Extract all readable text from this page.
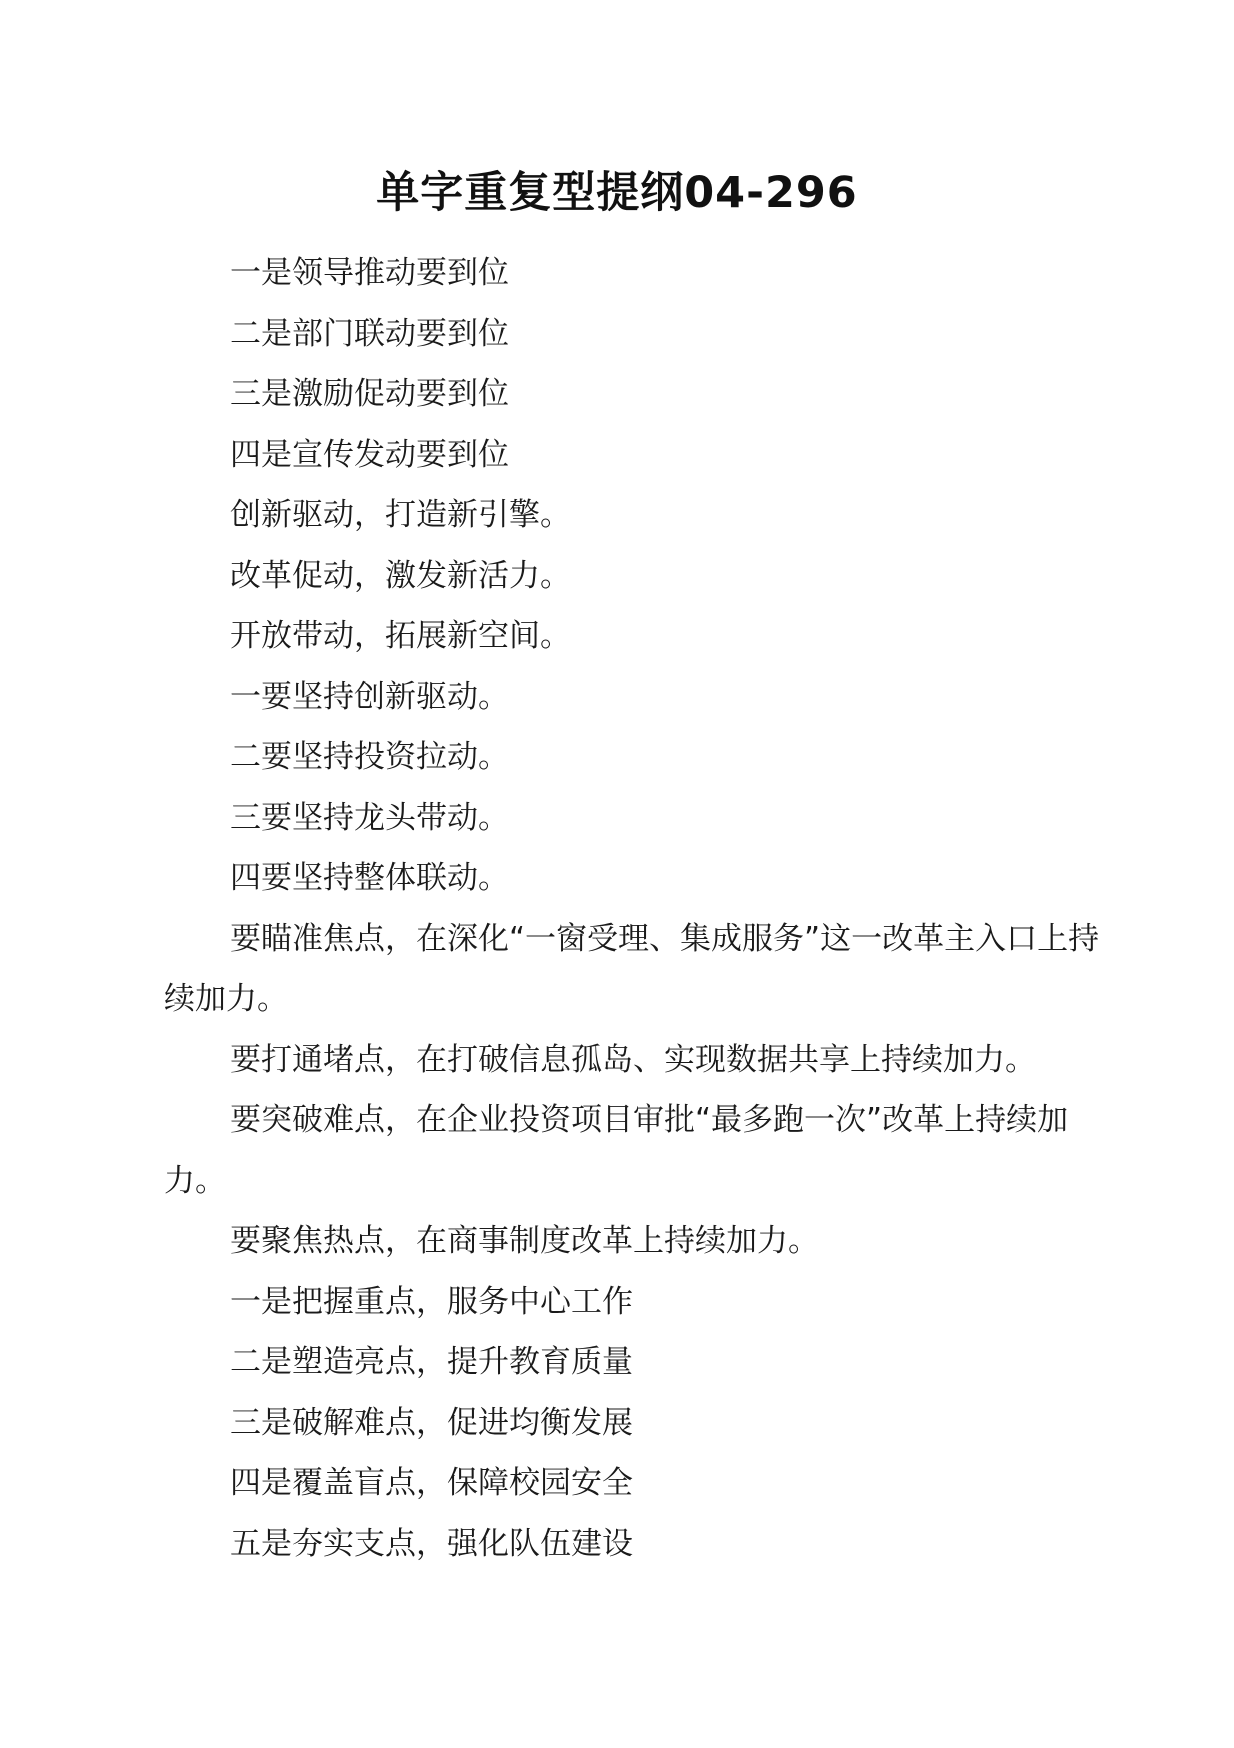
单字重复型提纲04-296

一是领导推动要到位

二是部门联动要到位

三是激励促动要到位

四是宣传发动要到位

创新驱动，打造新引擎。

改革促动，激发新活力。

开放带动，拓展新空间。

一要坚持创新驱动。

二要坚持投资拉动。

三要坚持龙头带动。

四要坚持整体联动。

要瞄准焦点，在深化“一窗受理、集成服务”这一改革主入口上持续加力。

要打通堵点，在打破信息孤岛、实现数据共享上持续加力。

要突破难点，在企业投资项目审批“最多跑一次”改革上持续加力。

要聚焦热点，在商事制度改革上持续加力。

一是把握重点，服务中心工作

二是塑造亮点，提升教育质量

三是破解难点，促进均衡发展

四是覆盖盲点，保障校园安全

五是夯实支点，强化队伍建设
